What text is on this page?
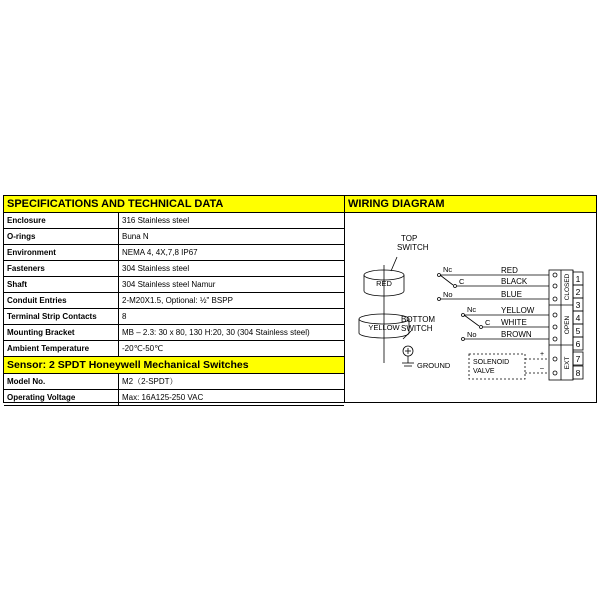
SPECIFICATIONS AND TECHNICAL DATA
Enclosure	316 Stainless steel
O-rings	Buna N
Environment	NEMA 4, 4X,7,8 IP67
Fasteners	304 Stainless steel
Shaft	304 Stainless steel Namur
Conduit Entries	2-M20X1.5, Optional: ½" BSPP
Terminal Strip Contacts	8
Mounting Bracket	MB – 2.3: 30 x 80, 130 H:20, 30 (304 Stainless steel)
Ambient Temperature	-20℃-50℃
Sensor: 2 SPDT Honeywell Mechanical Switches
Model No.	M2（2-SPDT）
Operating Voltage	Max: 16A125-250 VAC
WIRING DIAGRAM
TOP
SWITCH
RED
YELLOW
BOTTOM
SWITCH
GROUND
Nc
C
No
Nc
C
No
RED
BLACK
BLUE
YELLOW
WHITE
BROWN
SOLENOID
VALVE
+
–
1
2
3
4
5
6
7
8
CLOSED
OPEN
EXT
